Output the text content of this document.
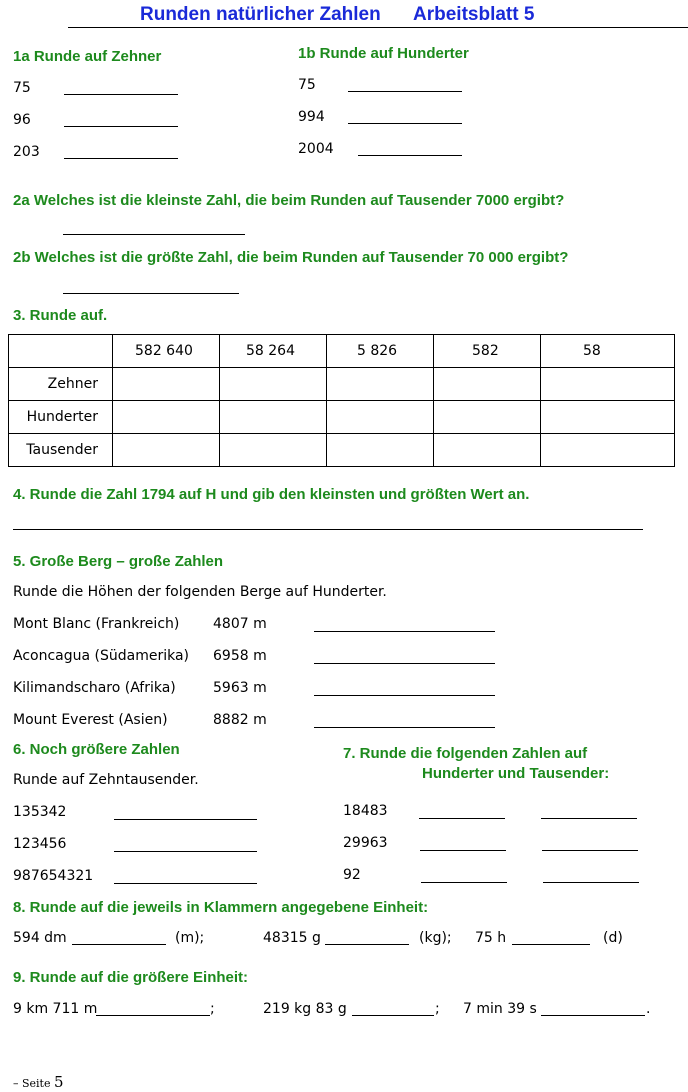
Runden natürlicher Zahlen Arbeitsblatt 5
1a Runde auf Zehner
75
96
203
1b Runde auf Hunderter
75
994
2004
2a Welches ist die kleinste Zahl, die beim Runden auf Tausender 7000 ergibt?
2b Welches ist die größte Zahl, die beim Runden auf Tausender 70 000 ergibt?
3. Runde auf.
	582 640	58 264	5 826	582	58
Zehner					
Hunderter					
Tausender					
4. Runde die Zahl 1794 auf H und gib den kleinsten und größten Wert an.
5. Große Berg – große Zahlen
Runde die Höhen der folgenden Berge auf Hunderter.
Mont Blanc (Frankreich) 4807 m
Aconcagua (Südamerika) 6958 m
Kilimandscharo (Afrika)	5963 m
Mount Everest (Asien)	8882 m
6. Noch größere Zahlen
Runde auf Zehntausender.
135342
123456
987654321
7. Runde die folgenden Zahlen auf
Hunderter und Tausender:
18483
29963
92
8. Runde auf die jeweils in Klammern angegebene Einheit:
594 dm	(m);	48315 g	(kg); 75 h	(d)
9. Runde auf die größere Einheit:
9 km 711 m	;	219 kg 83 g	; 7 min 39 s	.
– Seite 5
